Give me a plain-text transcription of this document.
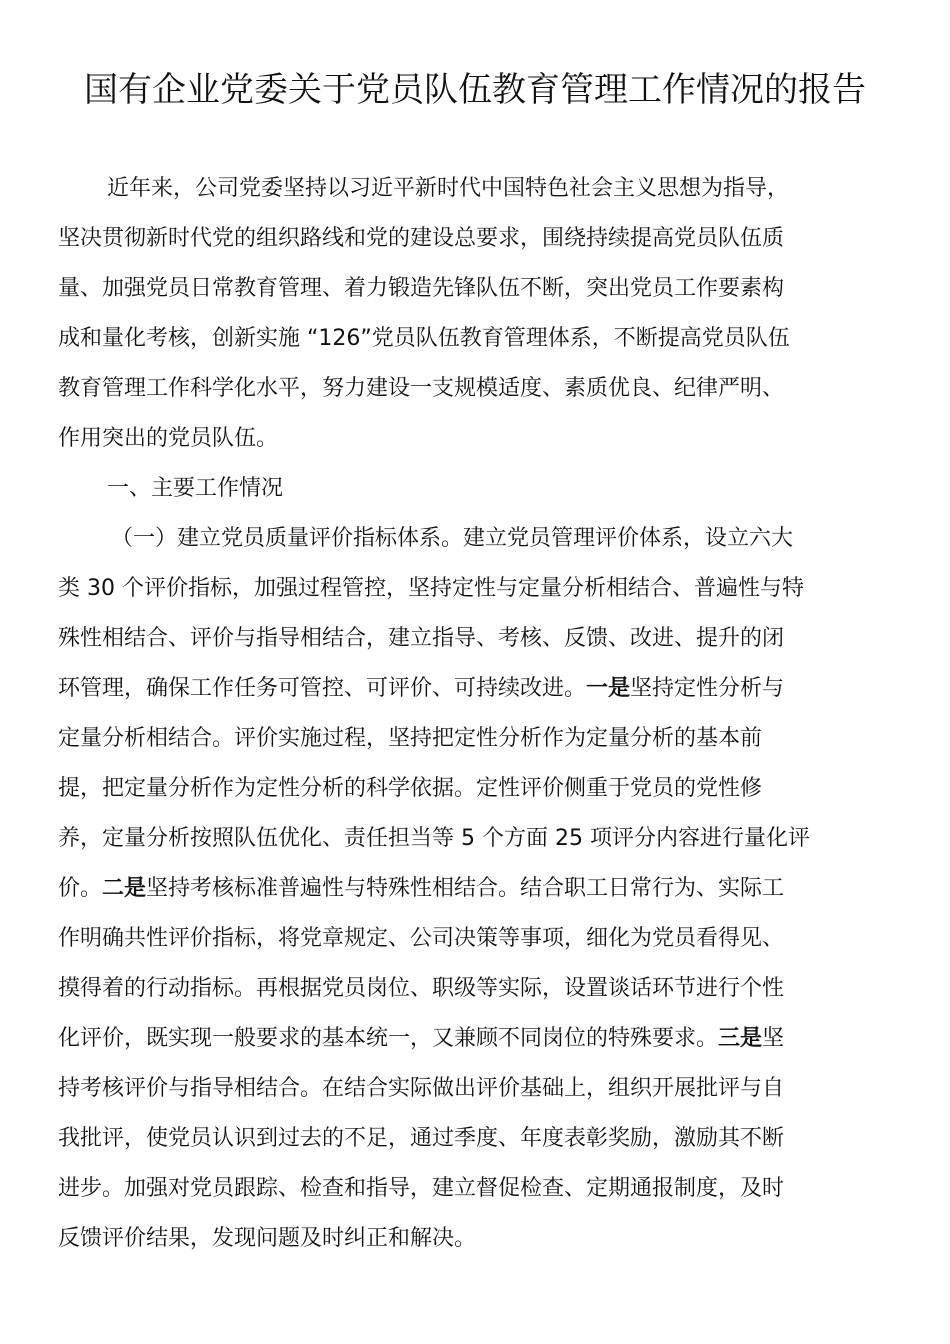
国有企业党委关于党员队伍教育管理工作情况的报告
近年来，公司党委坚持以习近平新时代中国特色社会主义思想为指导，
坚决贯彻新时代党的组织路线和党的建设总要求，围绕持续提高党员队伍质
量、加强党员日常教育管理、着力锻造先锋队伍不断，突出党员工作要素构
成和量化考核，创新实施 “126”党员队伍教育管理体系，不断提高党员队伍
教育管理工作科学化水平，努力建设一支规模适度、素质优良、纪律严明、
作用突出的党员队伍。
一、主要工作情况
（一）建立党员质量评价指标体系。建立党员管理评价体系，设立六大
类 30 个评价指标，加强过程管控，坚持定性与定量分析相结合、普遍性与特
殊性相结合、评价与指导相结合，建立指导、考核、反馈、改进、提升的闭
环管理，确保工作任务可管控、可评价、可持续改进。一是坚持定性分析与
定量分析相结合。评价实施过程，坚持把定性分析作为定量分析的基本前
提，把定量分析作为定性分析的科学依据。定性评价侧重于党员的党性修
养，定量分析按照队伍优化、责任担当等 5 个方面 25 项评分内容进行量化评
价。二是坚持考核标准普遍性与特殊性相结合。结合职工日常行为、实际工
作明确共性评价指标，将党章规定、公司决策等事项，细化为党员看得见、
摸得着的行动指标。再根据党员岗位、职级等实际，设置谈话环节进行个性
化评价，既实现一般要求的基本统一，又兼顾不同岗位的特殊要求。三是坚
持考核评价与指导相结合。在结合实际做出评价基础上，组织开展批评与自
我批评，使党员认识到过去的不足，通过季度、年度表彰奖励，激励其不断
进步。加强对党员跟踪、检查和指导，建立督促检查、定期通报制度，及时
反馈评价结果，发现问题及时纠正和解决。
